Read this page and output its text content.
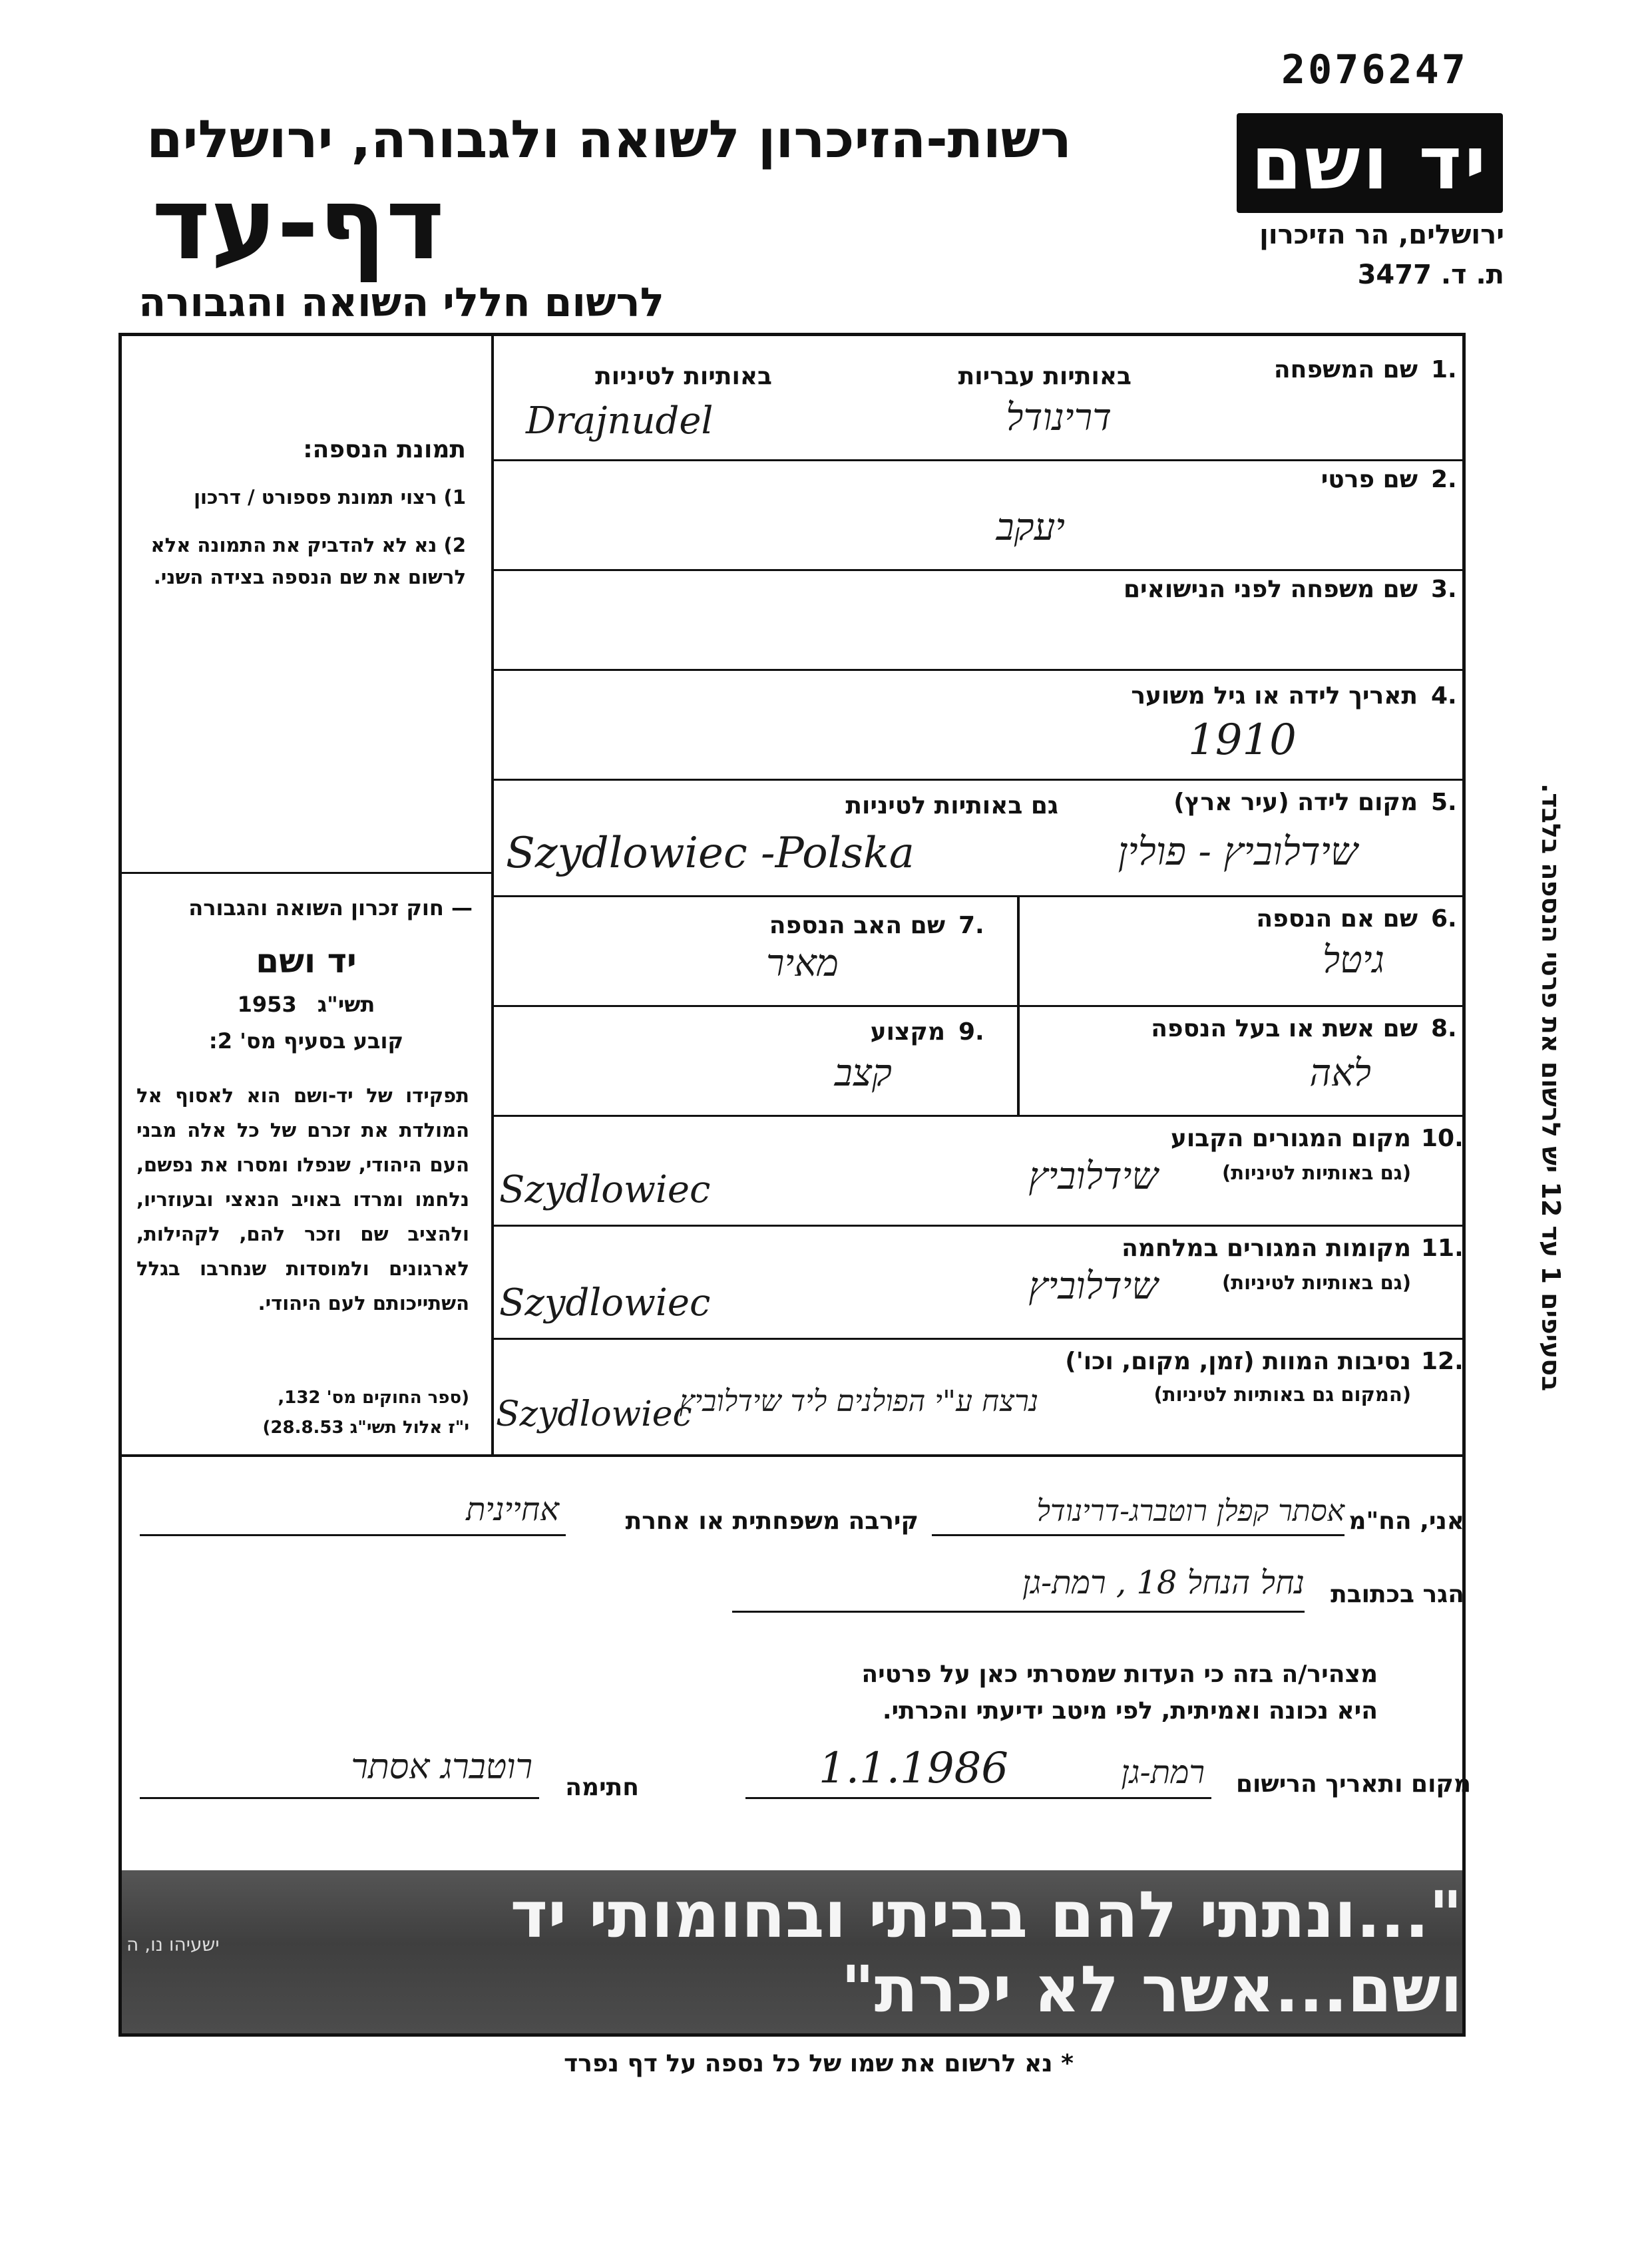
2076247
רשות-הזיכרון לשואה ולגבורה, ירושלים
דף-עד
לרשום חללי השואה והגבורה
יד ושם
ירושלים, הר הזיכרון
ת. ד. 3477
תמונת הנספה:
1) רצוי תמונת פספורט / דרכון
2) נא לא להדביק את התמונה אלא לרשום את שם הנספה בצידה השני.
— חוק זכרון השואה והגבורה
יד ושם
1953 תשי"ג
קובע בסעיף מס' 2:
תפקידו של יד-ושם הוא לאסוף אל המולדת את זכרם של כל אלה מבני העם היהודי, שנפלו ומסרו את נפשם, נלחמו ומרדו באויב הנאצי ובעוזריו, ולהציב שם וזכר להם, לקהילות, לארגונים ולמוסדות שנחרבו בגלל השתייכותם לעם היהודי.
(ספר החוקים מס' 132,
י"ז אלול תשי"ג 28.8.53)
1.
שם המשפחה
באותיות עבריות
באותיות לטיניות
Drajnudel	דרינודל
2.
שם פרטי
יעקב
3.
שם משפחה לפני הנישואים
4.
תאריך לידה או גיל משוער
1910
5.
מקום לידה (עיר ארץ)
גם באותיות לטיניות
Szydlowiec -Polska	שידלוביץ - פולין
6.
שם אם הנספה
גיטל
7.
שם האב הנספה
מאיר
8.
שם אשת או בעל הנספה
לאה
9.
מקצוע
קצב
10.
מקום המגורים הקבוע
(גם באותיות לטיניות)
Szydlowiec	שידלוביץ
11.
מקומות המגורים במלחמה
(גם באותיות לטיניות)
Szydlowiec	שידלוביץ
12.
נסיבות המוות (זמן, מקום, וכו')
(המקום גם באותיות לטיניות)
Szydlowiec
נרצח ע"י הפולנים ליד שידלוביץ
בסעיפים 1 עד 12 יש לרשום את פרטי הנספה בלבד.
אני, הח"מ
אסתר קפלן רוטברג-דרינודל
קירבה משפחתית או אחרת
אחיינית
הגר בכתובת
נחל הנחל 18 , רמת-גן
מצהיר/ה בזה כי העדות שמסרתי כאן על פרטיה
היא נכונה ואמיתית, לפי מיטב ידיעתי והכרתי.
מקום ותאריך הרישום
רמת-גן
1.1.1986
חתימה
רוטברג אסתר
"...ונתתי להם בביתי ובחומותי יד ושם...אשר לא יכרת"
ישעיהו נו, ה
* נא לרשום את שמו של כל נספה על דף נפרד
